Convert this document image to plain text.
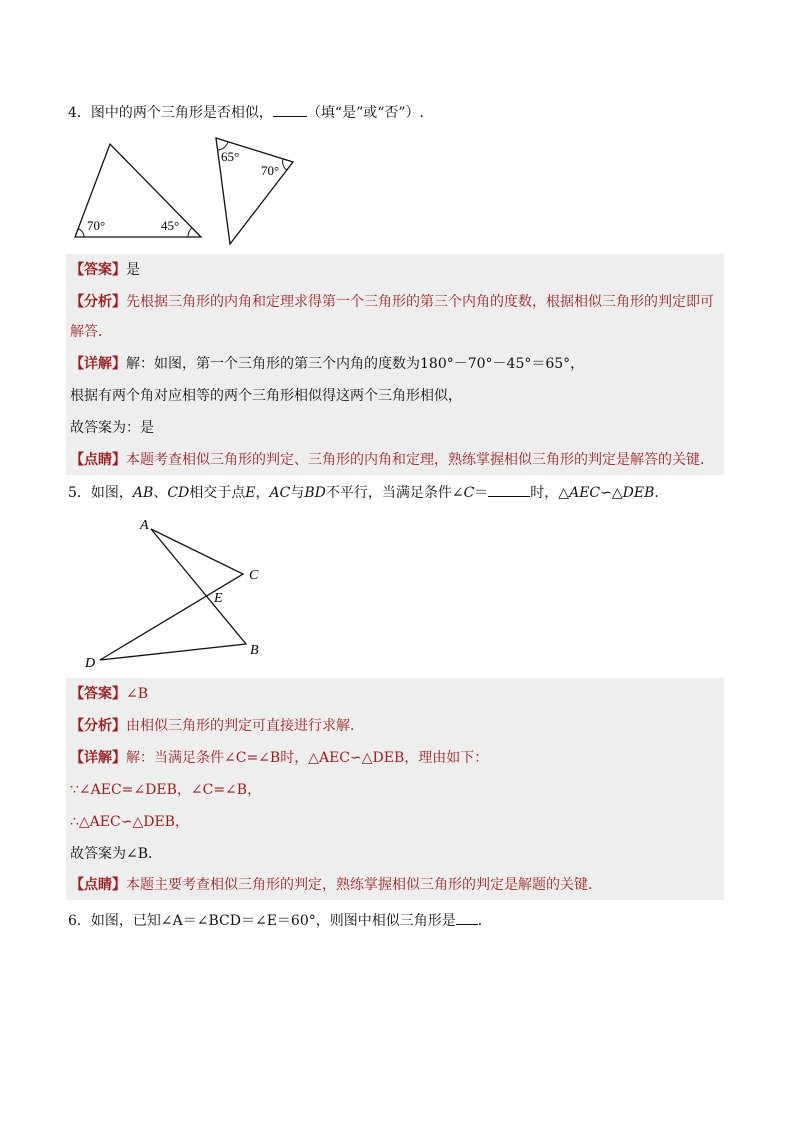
4．图中的两个三角形是否相似， （填“是”或“否”）.
70°	45°
65°
70°
【答案】是
【分析】先根据三角形的内角和定理求得第一个三角形的第三个内角的度数，根据相似三角形的判定即可
解答．
【详解】解：如图，第一个三角形的第三个内角的度数为180°－70°－45°＝65°，
根据有两个角对应相等的两个三角形相似得这两个三角形相似，
故答案为：是
【点睛】本题考查相似三角形的判定、三角形的内角和定理，熟练掌握相似三角形的判定是解答的关键．
5．如图，AB、CD相交于点E，AC与BD不平行，当满足条件∠C＝	时，△AEC∽△DEB．
A
C
E
B
D
【答案】∠B
【分析】由相似三角形的判定可直接进行求解．
【详解】解：当满足条件∠C=∠B时，△AEC∽△DEB，理由如下：
∵∠AEC=∠DEB，∠C=∠B，
∴△AEC∽△DEB，
故答案为∠B．
【点睛】本题主要考查相似三角形的判定，熟练掌握相似三角形的判定是解题的关键．
6．如图，已知∠A＝∠BCD＝∠E＝60°，则图中相似三角形是 ．
